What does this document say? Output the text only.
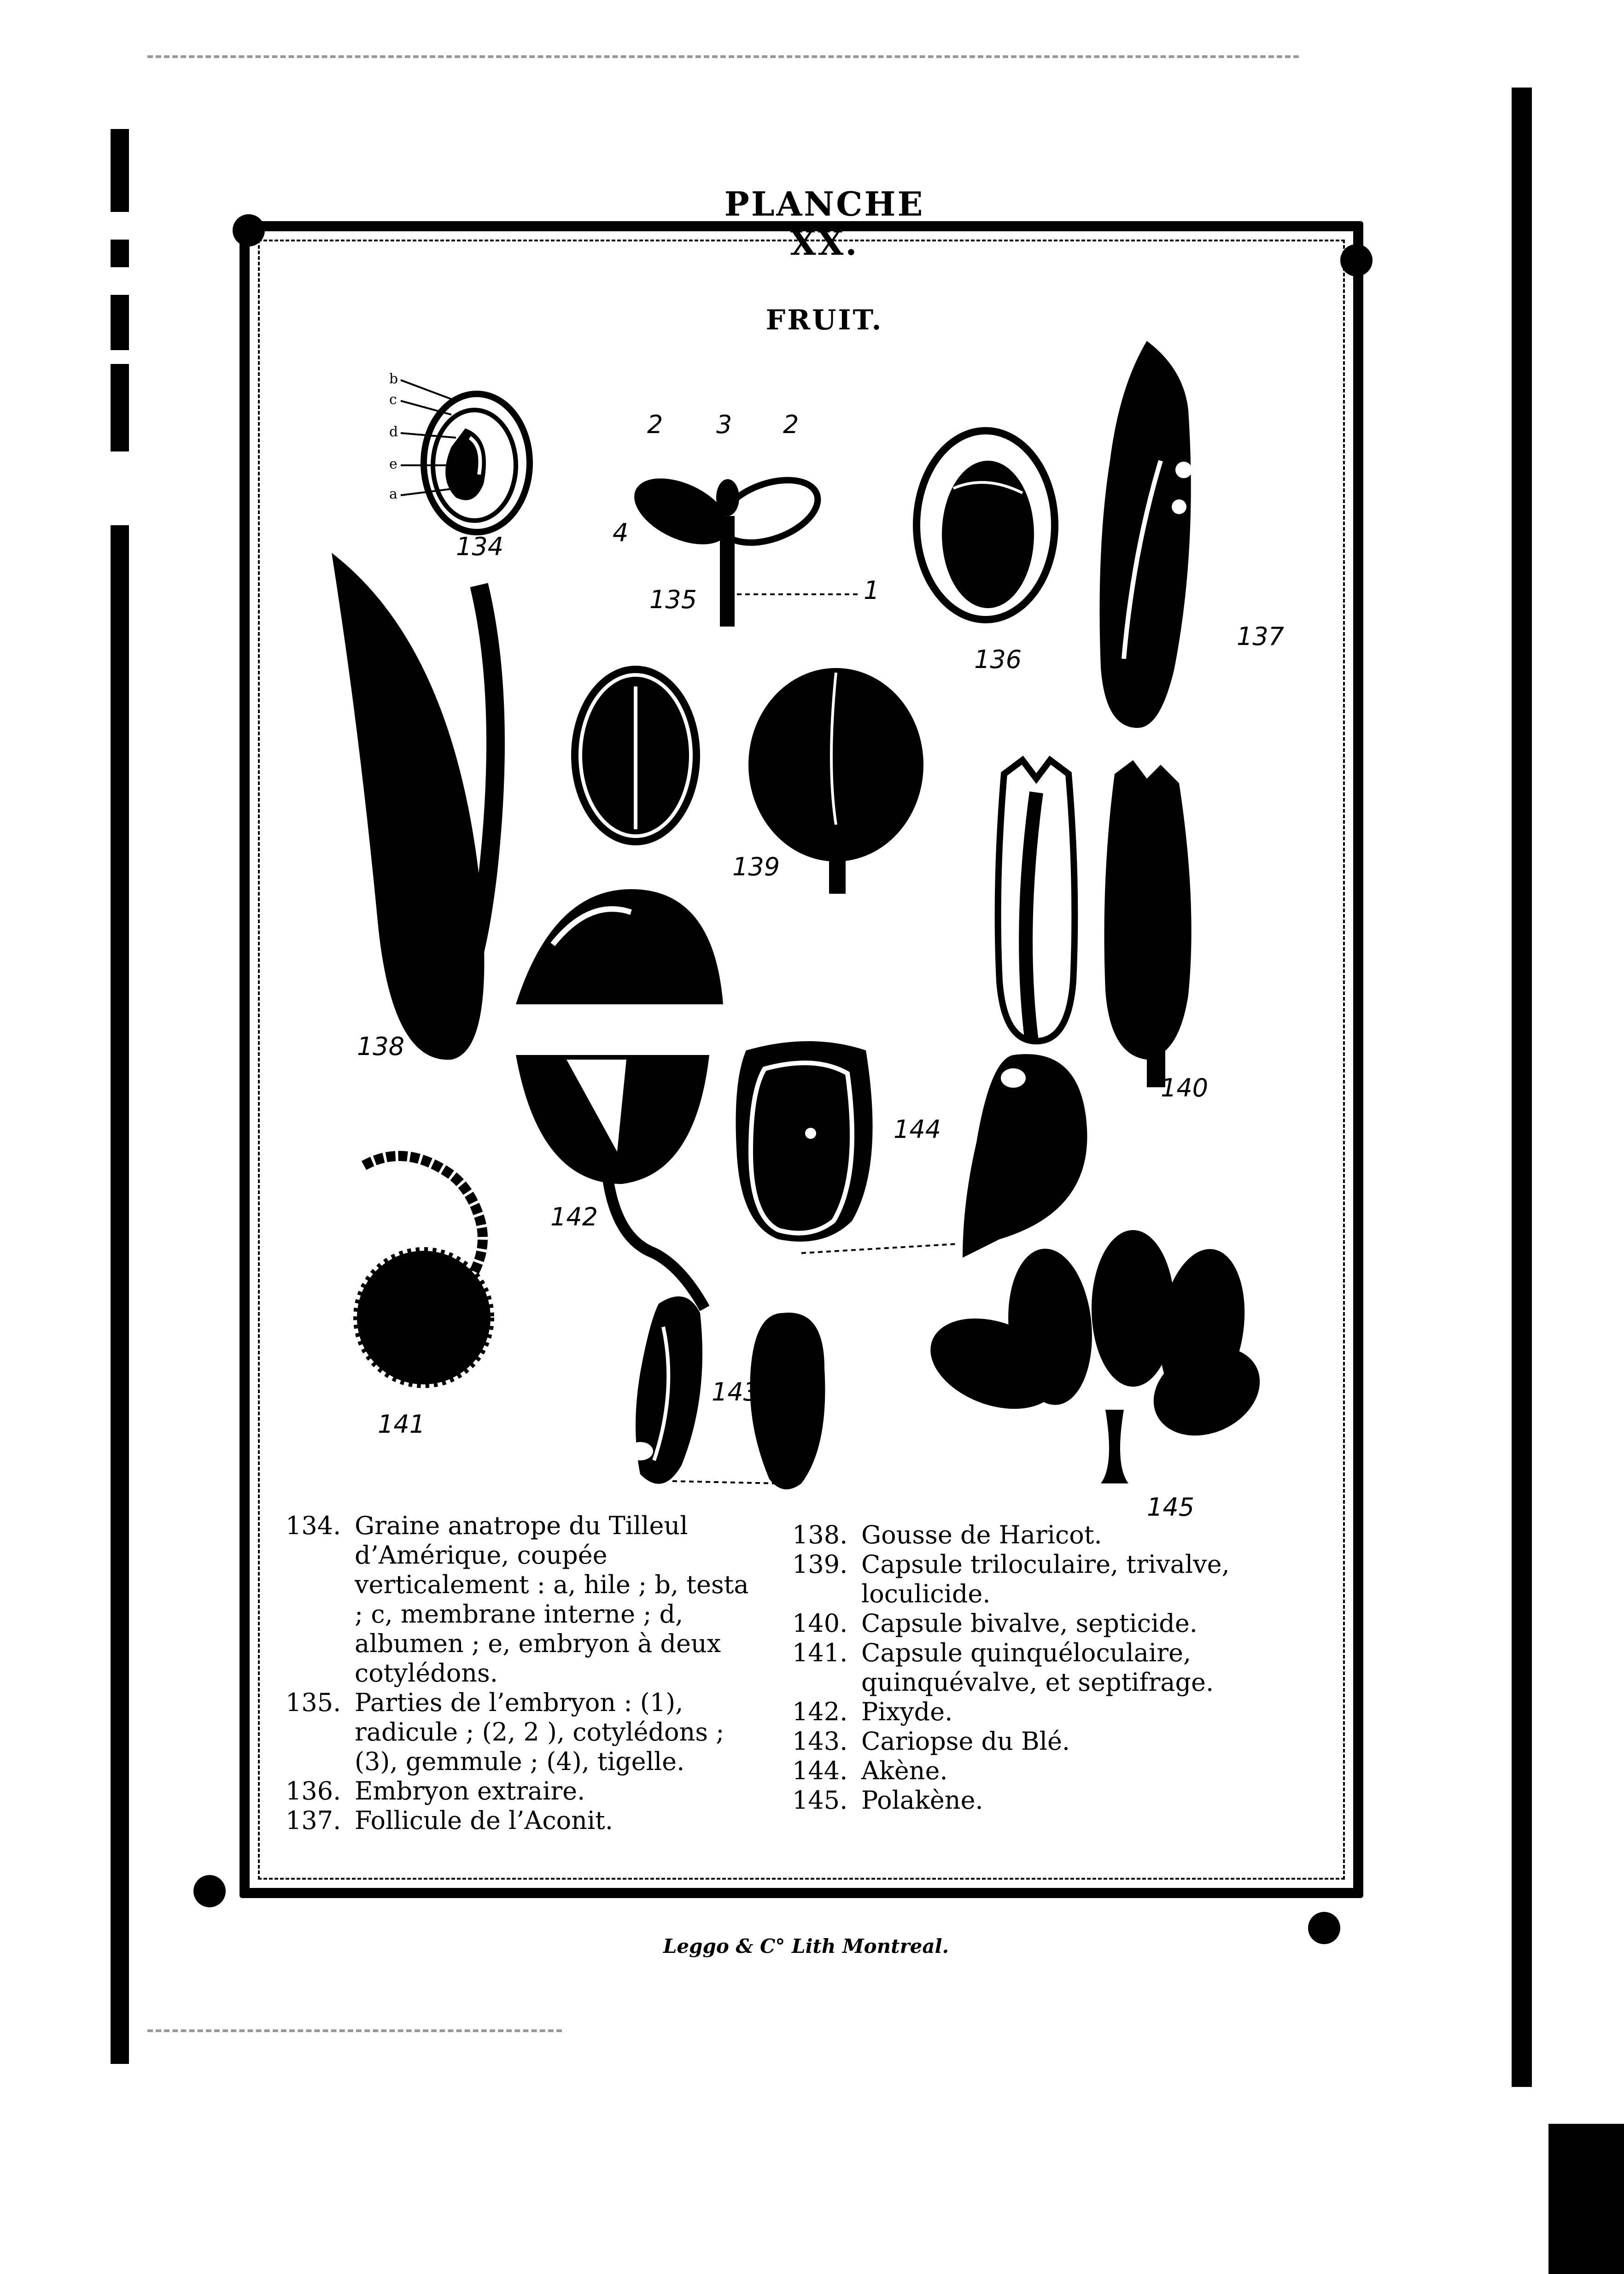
PLANCHE XX.
FRUIT.
b
c
d
e
a
134
2 3 2
4
1
135
136
137
138
139
140
142
144
141
143
145
134. Graine anatrope du Tilleul d’Amérique, coupée verticalement : a, hile ; b, testa ; c, membrane interne ; d, albumen ; e, embryon à deux cotylédons.
135. Parties de l’embryon : (1), radicule ; (2, 2 ), cotylédons ; (3), gemmule ; (4), tigelle.
136. Embryon extraire.
137. Follicule de l’Aconit.
138. Gousse de Haricot.
139. Capsule triloculaire, trivalve, loculicide.
140. Capsule bivalve, septicide.
141. Capsule quinquéloculaire, quinquévalve, et septifrage.
142. Pixyde.
143. Cariopse du Blé.
144. Akène.
145. Polakène.
Leggo & C° Lith Montreal.
